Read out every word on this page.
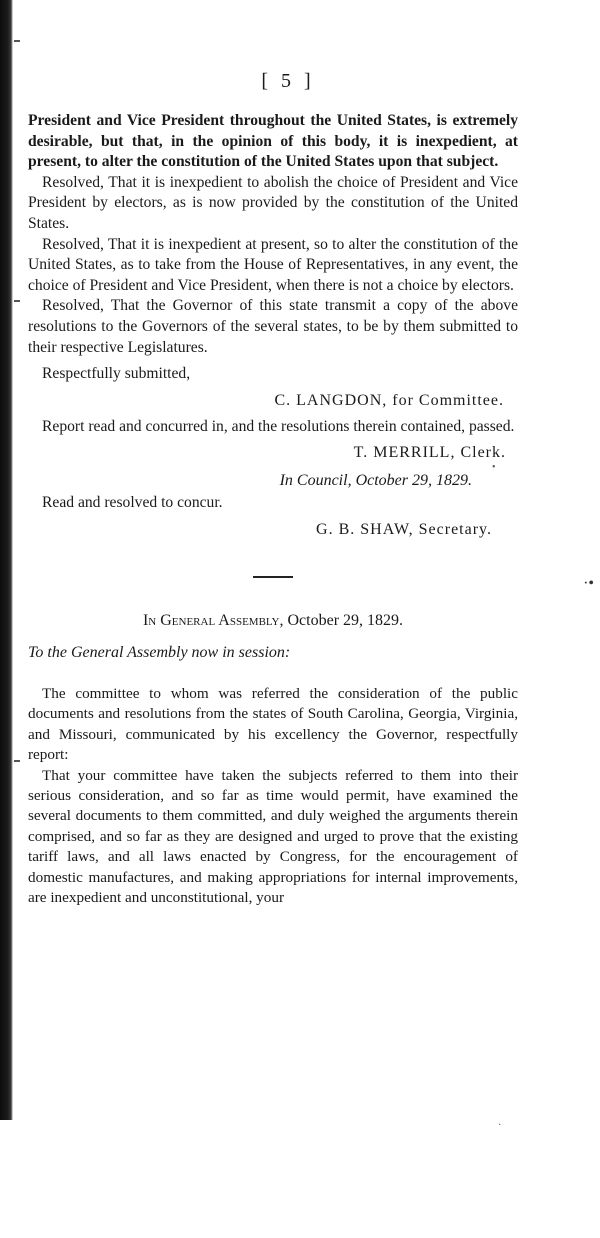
[ 5 ]

President and Vice President throughout the United States, is extremely desirable, but that, in the opinion of this body, it is inexpedient, at present, to alter the constitution of the United States upon that subject.

Resolved, That it is inexpedient to abolish the choice of President and Vice President by electors, as is now provided by the constitution of the United States.

Resolved, That it is inexpedient at present, so to alter the constitution of the United States, as to take from the House of Representatives, in any event, the choice of President and Vice President, when there is not a choice by electors.

Resolved, That the Governor of this state transmit a copy of the above resolutions to the Governors of the several states, to be by them submitted to their respective Legislatures.

Respectfully submitted,

C. LANGDON, for Committee.

Report read and concurred in, and the resolutions therein contained, passed.

T. MERRILL, Clerk.
In Council, October 29, 1829.

Read and resolved to concur.

G. B. SHAW, Secretary.
In General Assembly, October 29, 1829.
To the General Assembly now in session:

The committee to whom was referred the consideration of the public documents and resolutions from the states of South Carolina, Georgia, Virginia, and Missouri, communicated by his excellency the Governor, respectfully report:

That your committee have taken the subjects referred to them into their serious consideration, and so far as time would permit, have examined the several documents to them committed, and duly weighed the arguments therein comprised, and so far as they are designed and urged to prove that the existing tariff laws, and all laws enacted by Congress, for the encouragement of domestic manufactures, and making appropriations for internal improvements, are inexpedient and unconstitutional, your

·•
•
·
